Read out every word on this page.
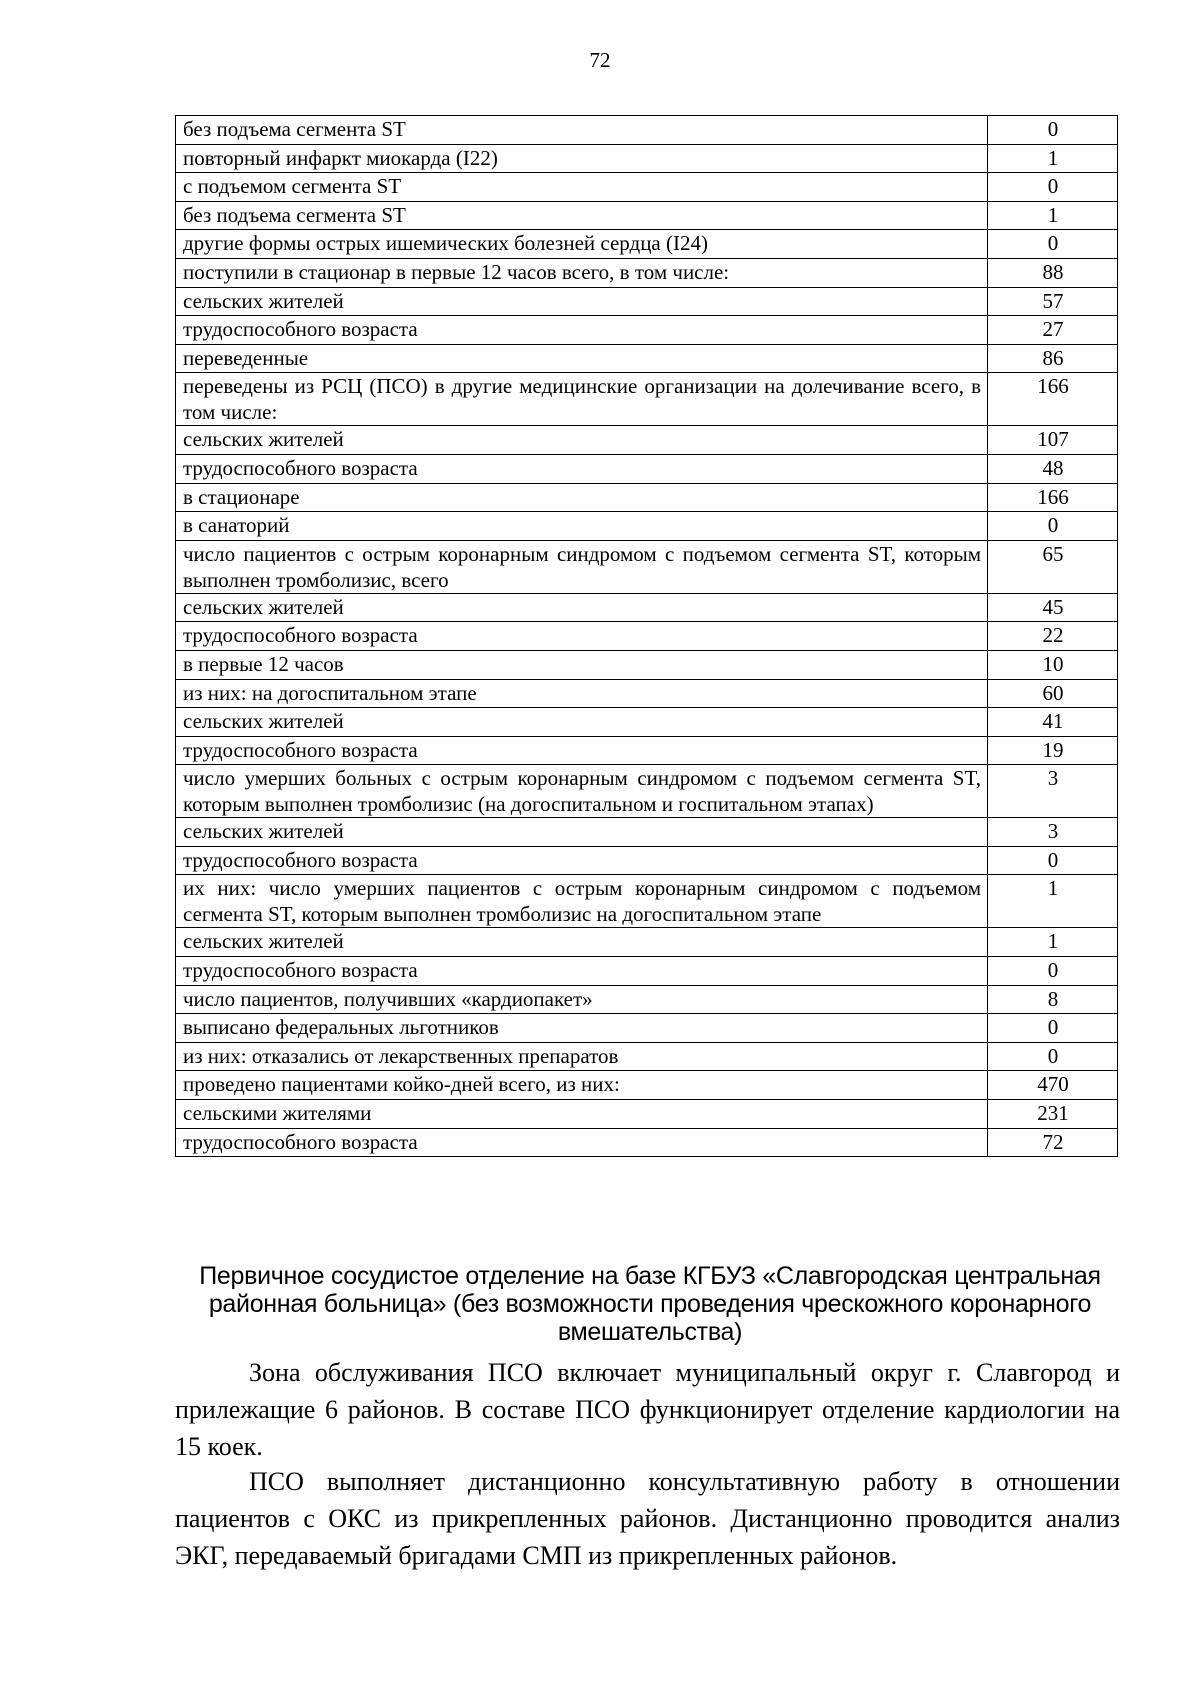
72
без подъема сегмента ST	0
повторный инфаркт миокарда (I22)	1
с подъемом сегмента ST	0
без подъема сегмента ST	1
другие формы острых ишемических болезней сердца (I24)	0
поступили в стационар в первые 12 часов всего, в том числе:	88
сельских жителей	57
трудоспособного возраста	27
переведенные	86
переведены из РСЦ (ПСО) в другие медицинские организации на долечивание всего, в том числе:	166
сельских жителей	107
трудоспособного возраста	48
в стационаре	166
в санаторий	0
число пациентов с острым коронарным синдромом с подъемом сегмента ST, которым выполнен тромболизис, всего	65
сельских жителей	45
трудоспособного возраста	22
в первые 12 часов	10
из них: на догоспитальном этапе	60
сельских жителей	41
трудоспособного возраста	19
число умерших больных с острым коронарным синдромом с подъемом сегмента ST, которым выполнен тромболизис (на догоспитальном и госпитальном этапах)	3
сельских жителей	3
трудоспособного возраста	0
их них: число умерших пациентов с острым коронарным синдромом с подъемом сегмента ST, которым выполнен тромболизис на догоспитальном этапе	1
сельских жителей	1
трудоспособного возраста	0
число пациентов, получивших «кардиопакет»	8
выписано федеральных льготников	0
из них: отказались от лекарственных препаратов	0
проведено пациентами койко-дней всего, из них:	470
сельскими жителями	231
трудоспособного возраста	72
Первичное сосудистое отделение на базе КГБУЗ «Славгородская центральная районная больница» (без возможности проведения чрескожного коронарного вмешательства)

Зона обслуживания ПСО включает муниципальный округ г. Славгород и прилежащие 6 районов. В составе ПСО функционирует отделение кардиологии на 15 коек.

ПСО выполняет дистанционно консультативную работу в отношении пациентов с ОКС из прикрепленных районов. Дистанционно проводится анализ ЭКГ, передаваемый бригадами СМП из прикрепленных районов.
